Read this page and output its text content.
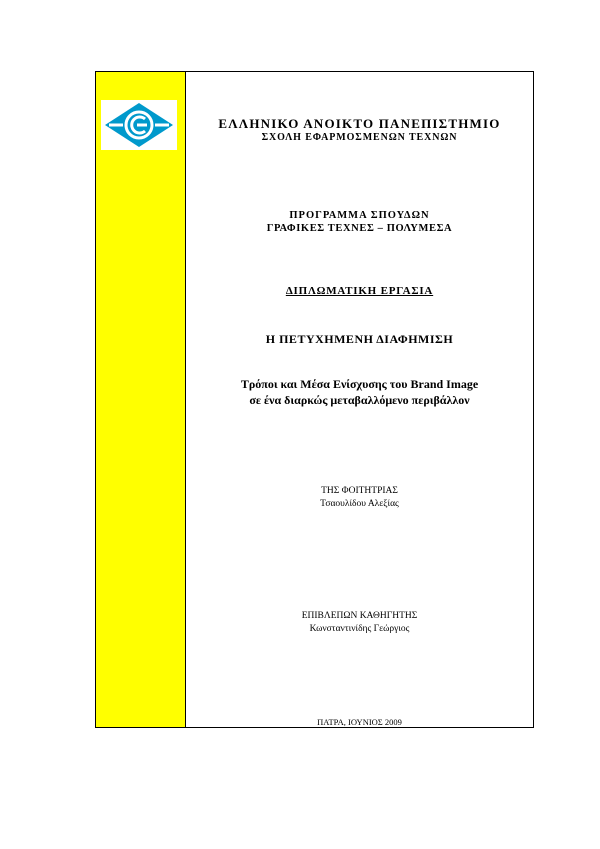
ΕΛΛΗΝΙΚΟ ΑΝΟΙΚΤΟ ΠΑΝΕΠΙΣΤΗΜΙΟ
ΣΧΟΛΗ ΕΦΑΡΜΟΣΜΕΝΩΝ ΤΕΧΝΩΝ
ΠΡΟΓΡΑΜΜΑ ΣΠΟΥΔΩΝ
ΓΡΑΦΙΚΕΣ ΤΕΧΝΕΣ – ΠΟΛΥΜΕΣΑ
ΔΙΠΛΩΜΑΤΙΚΗ ΕΡΓΑΣΙΑ
Η ΠΕΤΥΧΗΜΕΝΗ ΔΙΑΦΗΜΙΣΗ
Τρόποι και Μέσα Ενίσχυσης του Brand Image
σε ένα διαρκώς μεταβαλλόμενο περιβάλλον
ΤΗΣ ΦΟΙΤΗΤΡΙΑΣ
Τσαουλίδου Αλεξίας
ΕΠΙΒΛΕΠΩΝ ΚΑΘΗΓΗΤΗΣ
Κωνσταντινίδης Γεώργιος
ΠΑΤΡΑ, ΙΟΥΝΙΟΣ 2009
